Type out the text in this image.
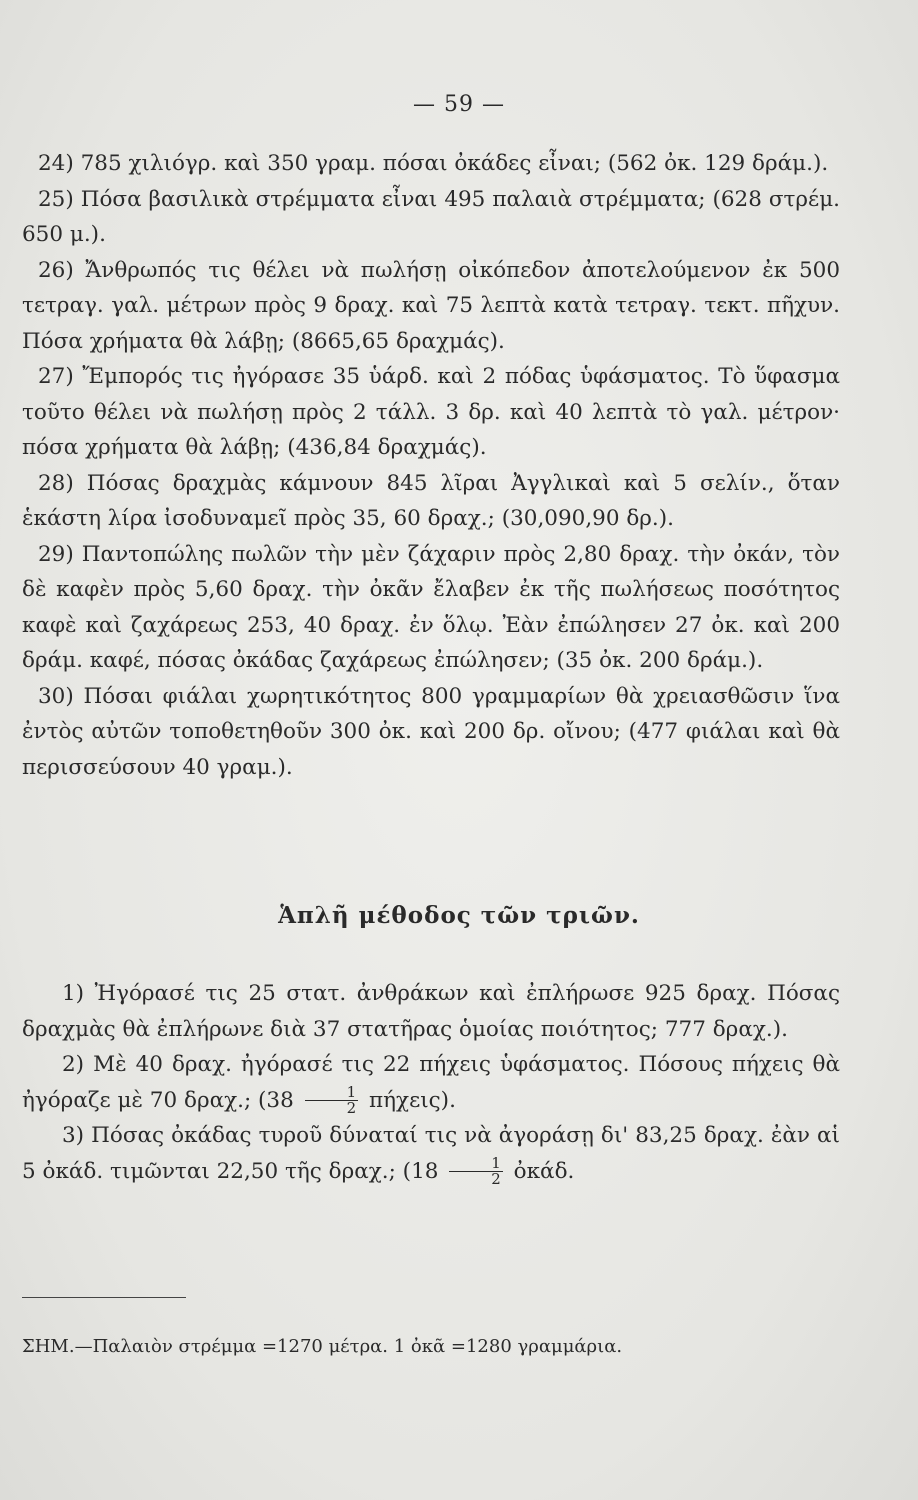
— 59 —

24) 785 χιλιόγρ. καὶ 350 γραμ. πόσαι ὀκάδες εἶναι; (562 ὀκ. 129 δράμ.).

25) Πόσα βασιλικὰ στρέμματα εἶναι 495 παλαιὰ στρέμματα; (628 στρέμ. 650 μ.).

26) Ἄνθρωπός τις θέλει νὰ πωλήσῃ οἰκόπεδον ἀποτελούμενον ἐκ 500 τετραγ. γαλ. μέτρων πρὸς 9 δραχ. καὶ 75 λεπτὰ κατὰ τετραγ. τεκτ. πῆχυν. Πόσα χρήματα θὰ λάβῃ; (8665,65 δραχμάς).

27) Ἔμπορός τις ἠγόρασε 35 ὑάρδ. καὶ 2 πόδας ὑφάσματος. Τὸ ὕφασμα τοῦτο θέλει νὰ πωλήσῃ πρὸς 2 τάλλ. 3 δρ. καὶ 40 λεπτὰ τὸ γαλ. μέτρον· πόσα χρήματα θὰ λάβῃ; (436,84 δραχμάς).

28) Πόσας δραχμὰς κάμνουν 845 λῖραι Ἀγγλικαὶ καὶ 5 σελίν., ὅταν ἑκάστη λίρα ἰσοδυναμεῖ πρὸς 35, 60 δραχ.; (30,090,90 δρ.).

29) Παντοπώλης πωλῶν τὴν μὲν ζάχαριν πρὸς 2,80 δραχ. τὴν ὀκάν, τὸν δὲ καφὲν πρὸς 5,60 δραχ. τὴν ὀκᾶν ἔλαβεν ἐκ τῆς πωλήσεως ποσότητος καφὲ καὶ ζαχάρεως 253, 40 δραχ. ἐν ὅλῳ. Ἐὰν ἐπώλησεν 27 ὀκ. καὶ 200 δράμ. καφέ, πόσας ὀκάδας ζαχάρεως ἐπώλησεν; (35 ὀκ. 200 δράμ.).

30) Πόσαι φιάλαι χωρητικότητος 800 γραμμαρίων θὰ χρειασθῶσιν ἵνα ἐντὸς αὐτῶν τοποθετηθοῦν 300 ὀκ. καὶ 200 δρ. οἴνου; (477 φιάλαι καὶ θὰ περισσεύσουν 40 γραμ.).

Ἁπλῆ μέθοδος τῶν τριῶν.

1) Ἠγόρασέ τις 25 στατ. ἀνθράκων καὶ ἐπλήρωσε 925 δραχ. Πόσας δραχμὰς θὰ ἐπλήρωνε διὰ 37 στατῆρας ὁμοίας ποιότητος; 777 δραχ.).

2) Μὲ 40 δραχ. ἠγόρασέ τις 22 πήχεις ὑφάσματος. Πόσους πήχεις θὰ ἠγόραζε μὲ 70 δραχ.; $(38 \frac{1}{2} \pi ή\chi\varepsilon\iota\varsigma)$.

3) Πόσας ὀκάδας τυροῦ δύναταί τις νὰ ἀγοράσῃ δι' 83,25 δραχ. ἐὰν αἱ 5 ὀκάδ. τιμῶνται 22,50 τῆς δραχ.; ($18 \frac{1}{2}$ ὀκάδ.

ΣΗΜ.—Παλαιὸν στρέμμα =1270 μέτρα. 1 ὀκᾶ =1280 γραμμάρια.
